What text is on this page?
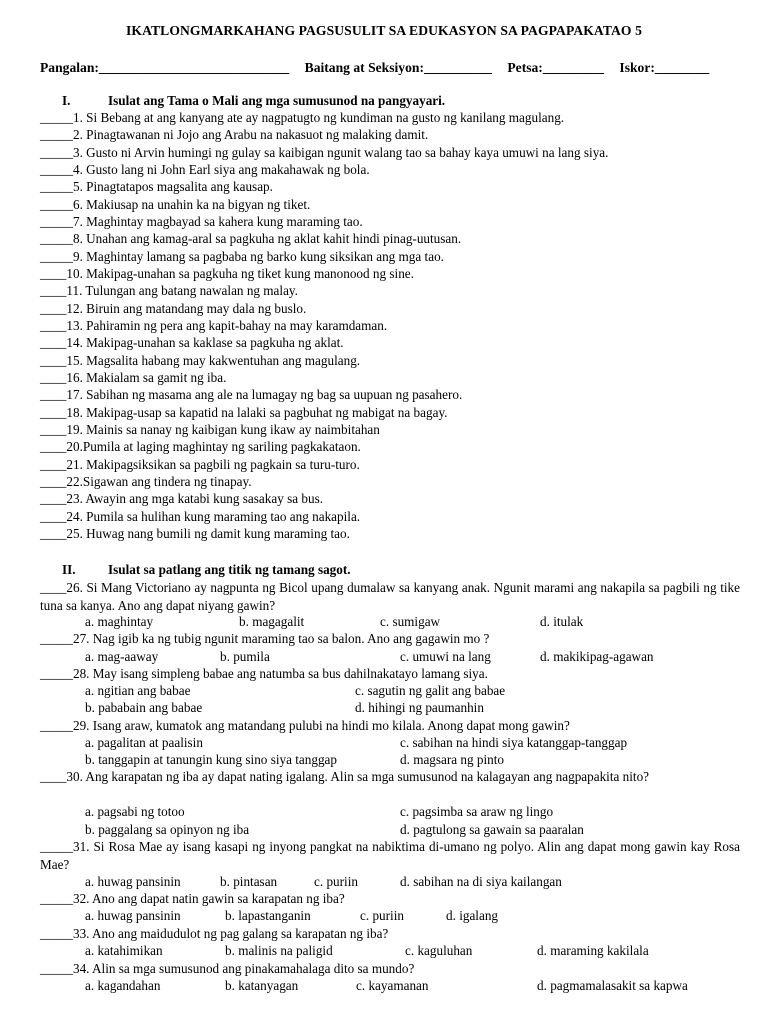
IKATLONGMARKAHANG PAGSUSULIT SA EDUKASYON SA PAGPAPAKATAO 5
Pangalan:____________________________ Baitang at Seksiyon:__________ Petsa:_________ Iskor:________
I.	Isulat ang Tama o Mali ang mga sumusunod na pangyayari.
_____1. Si Bebang at ang kanyang ate ay nagpatugto ng kundiman na gusto ng kanilang magulang.
_____2. Pinagtawanan ni Jojo ang Arabu na nakasuot ng malaking damit.
_____3. Gusto ni Arvin humingi ng gulay sa kaibigan ngunit walang tao sa bahay kaya umuwi na lang siya.
_____4. Gusto lang ni John Earl siya ang makahawak ng bola.
_____5. Pinagtatapos magsalita ang kausap.
_____6. Makiusap na unahin ka na bigyan ng tiket.
_____7. Maghintay magbayad sa kahera kung maraming tao.
_____8. Unahan ang kamag-aral sa pagkuha ng aklat kahit hindi pinag-uutusan.
_____9. Maghintay lamang sa pagbaba ng barko kung siksikan ang mga tao.
____10. Makipag-unahan sa pagkuha ng tiket kung manonood ng sine.
____11. Tulungan ang batang nawalan ng malay.
____12. Biruin ang matandang may dala ng buslo.
____13. Pahiramin ng pera ang kapit-bahay na may karamdaman.
____14. Makipag-unahan sa kaklase sa pagkuha ng aklat.
____15. Magsalita habang may kakwentuhan ang magulang.
____16. Makialam sa gamit ng iba.
____17. Sabihan ng masama ang ale na lumagay ng bag sa uupuan ng pasahero.
____18. Makipag-usap sa kapatid na lalaki sa pagbuhat ng mabigat na bagay.
____19. Mainis sa nanay ng kaibigan kung ikaw ay naimbitahan
____20.Pumila at laging maghintay ng sariling pagkakataon.
____21. Makipagsiksikan sa pagbili ng pagkain sa turu-turo.
____22.Sigawan ang tindera ng tinapay.
____23. Awayin ang mga katabi kung sasakay sa bus.
____24. Pumila sa hulihan kung maraming tao ang nakapila.
____25. Huwag nang bumili ng damit kung maraming tao.
II. Isulat sa patlang ang titik ng tamang sagot.
____26. Si Mang Victoriano ay nagpunta ng Bicol upang dumalaw sa kanyang anak. Ngunit marami ang nakapila sa pagbili ng tike tuna sa kanya. Ano ang dapat niyang gawin?
a. maghintay	b. magagalit	c. sumigaw	d. itulak
_____27. Nag igib ka ng tubig ngunit maraming tao sa balon. Ano ang gagawin mo ?
a. mag-aaway	b. pumila	c. umuwi na lang	d. makikipag-agawan
_____28. May isang simpleng babae ang natumba sa bus dahilnakatayo lamang siya.
a. ngitian ang babae	c. sagutin ng galit ang babae
b. pababain ang babae	d. hihingi ng paumanhin
_____29. Isang araw, kumatok ang matandang pulubi na hindi mo kilala. Anong dapat mong gawin?
a. pagalitan at paalisin	c. sabihan na hindi siya katanggap-tanggap
b. tanggapin at tanungin kung sino siya tanggap	d. magsara ng pinto
____30. Ang karapatan ng iba ay dapat nating igalang. Alin sa mga sumusunod na kalagayan ang nagpapakita nito?
a. pagsabi ng totoo	c. pagsimba sa araw ng lingo
b. paggalang sa opinyon ng iba	d. pagtulong sa gawain sa paaralan
_____31. Si Rosa Mae ay isang kasapi ng inyong pangkat na nabiktima di-umano ng polyo. Alin ang dapat mong gawin kay Rosa Mae?
a. huwag pansinin	b. pintasan	c. puriin	d. sabihan na di siya kailangan
_____32. Ano ang dapat natin gawin sa karapatan ng iba?
a. huwag pansinin	b. lapastanganin	c. puriin	d. igalang
_____33. Ano ang maidudulot ng pag galang sa karapatan ng iba?
a. katahimikan	b. malinis na paligid	c. kaguluhan	d. maraming kakilala
_____34. Alin sa mga sumusunod ang pinakamahalaga dito sa mundo?
a. kagandahan	b. katanyagan	c. kayamanan	d. pagmamalasakit sa kapwa
